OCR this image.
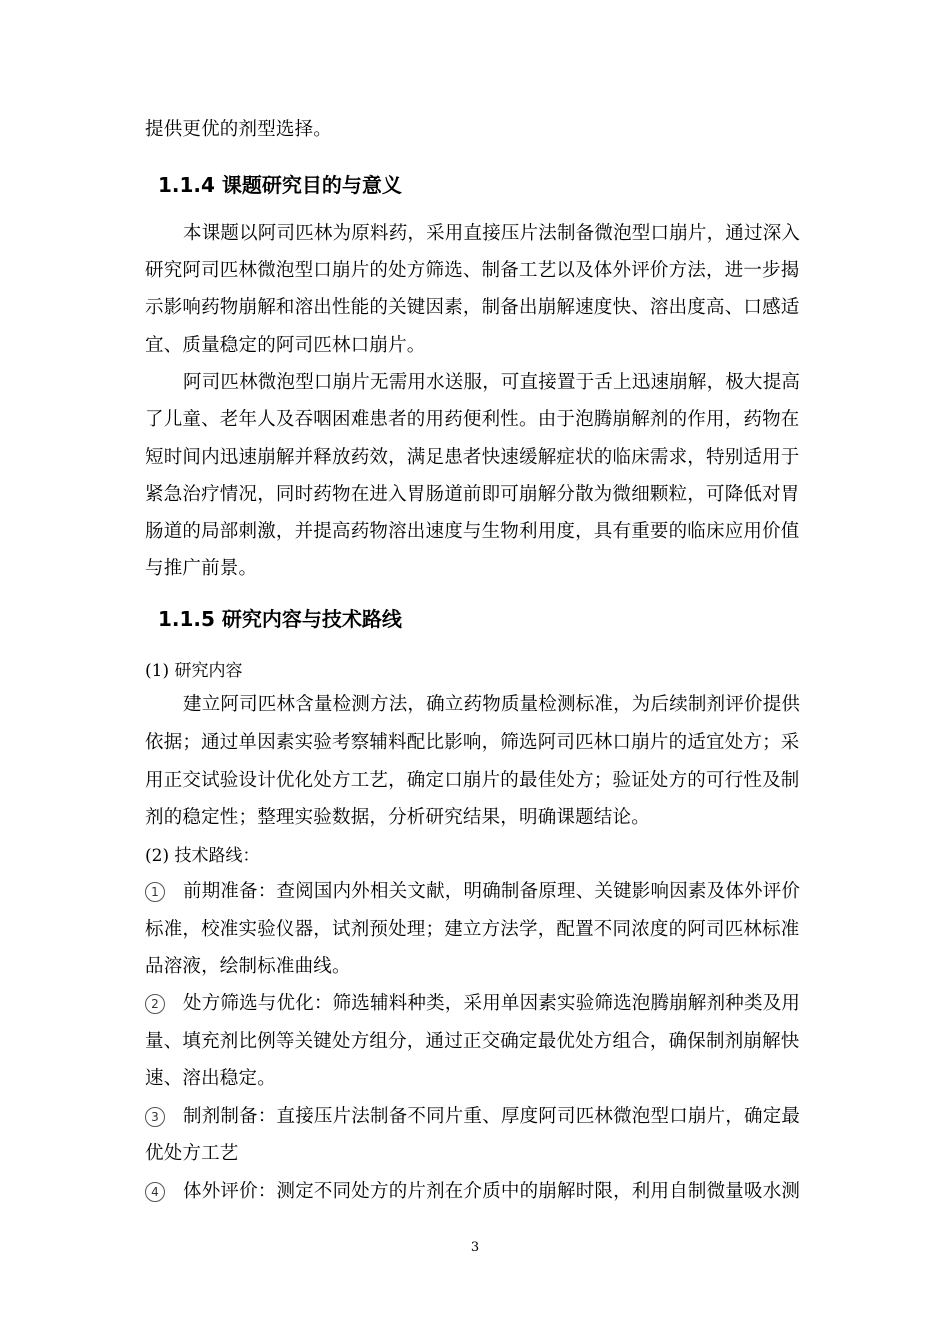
提供更优的剂型选择。
1.1.4 课题研究目的与意义
本课题以阿司匹林为原料药，采用直接压片法制备微泡型口崩片，通过深入
研究阿司匹林微泡型口崩片的处方筛选、制备工艺以及体外评价方法，进一步揭
示影响药物崩解和溶出性能的关键因素，制备出崩解速度快、溶出度高、口感适
宜、质量稳定的阿司匹林口崩片。
阿司匹林微泡型口崩片无需用水送服，可直接置于舌上迅速崩解，极大提高
了儿童、老年人及吞咽困难患者的用药便利性。由于泡腾崩解剂的作用，药物在
短时间内迅速崩解并释放药效，满足患者快速缓解症状的临床需求，特别适用于
紧急治疗情况，同时药物在进入胃肠道前即可崩解分散为微细颗粒，可降低对胃
肠道的局部刺激，并提高药物溶出速度与生物利用度，具有重要的临床应用价值
与推广前景。
1.1.5 研究内容与技术路线
(1) 研究内容
建立阿司匹林含量检测方法，确立药物质量检测标准，为后续制剂评价提供
依据；通过单因素实验考察辅料配比影响，筛选阿司匹林口崩片的适宜处方；采
用正交试验设计优化处方工艺，确定口崩片的最佳处方；验证处方的可行性及制
剂的稳定性；整理实验数据，分析研究结果，明确课题结论。
(2) 技术路线：
1	前期准备：查阅国内外相关文献，明确制备原理、关键影响因素及体外评价
标准，校准实验仪器，试剂预处理；建立方法学，配置不同浓度的阿司匹林标准
品溶液，绘制标准曲线。
2	处方筛选与优化：筛选辅料种类，采用单因素实验筛选泡腾崩解剂种类及用
量、填充剂比例等关键处方组分，通过正交确定最优处方组合，确保制剂崩解快
速、溶出稳定。
3	制剂制备：直接压片法制备不同片重、厚度阿司匹林微泡型口崩片，确定最
优处方工艺
4	体外评价：测定不同处方的片剂在介质中的崩解时限，利用自制微量吸水测
3
